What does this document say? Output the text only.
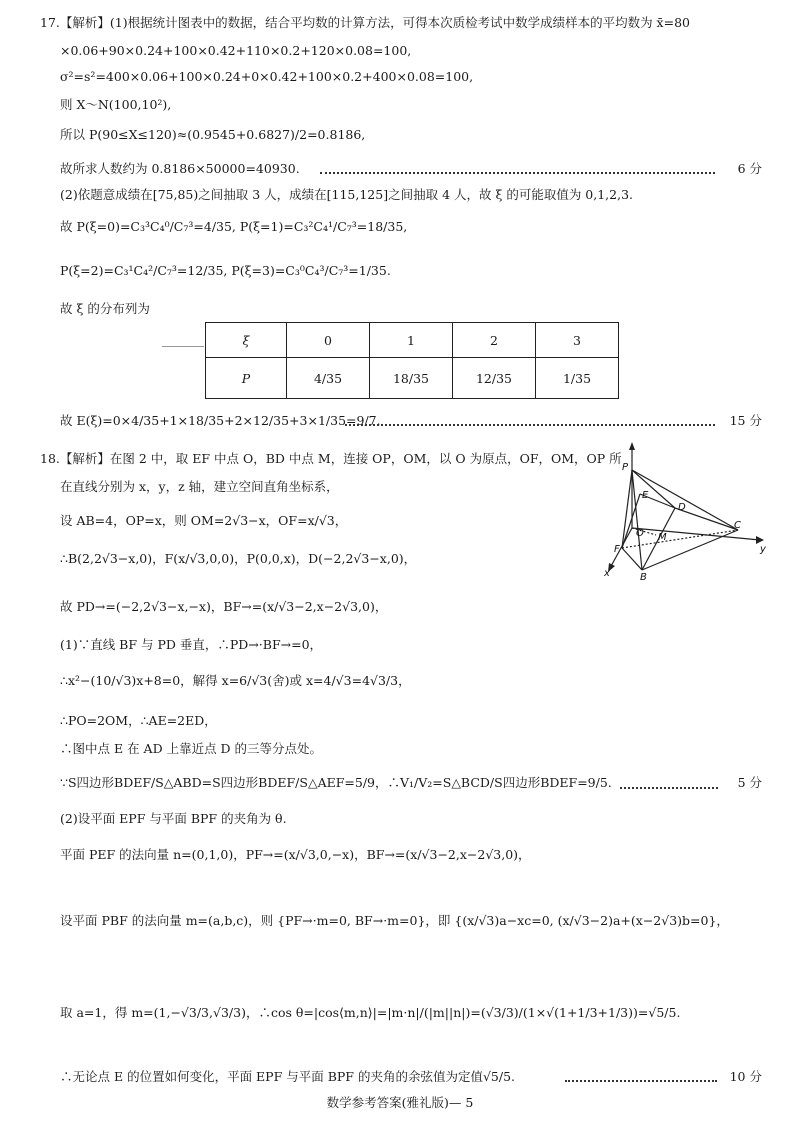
17.【解析】(1)根据统计图表中的数据，结合平均数的计算方法，可得本次质检考试中数学成绩样本的平均数为 x̄=80
×0.06+90×0.24+100×0.42+110×0.2+120×0.08=100,
σ²=s²=400×0.06+100×0.24+0×0.42+100×0.2+400×0.08=100,
则 X～N(100,10²),
所以 P(90≤X≤120)≈(0.9545+0.6827)/2=0.8186,
故所求人数约为 0.8186×50000=40930.	6 分
(2)依题意成绩在[75,85)之间抽取 3 人，成绩在[115,125]之间抽取 4 人，故 ξ 的可能取值为 0,1,2,3.
故 P(ξ=0)=C₃³C₄⁰/C₇³=4/35, P(ξ=1)=C₃²C₄¹/C₇³=18/35,
P(ξ=2)=C₃¹C₄²/C₇³=12/35, P(ξ=3)=C₃⁰C₄³/C₇³=1/35.
故 ξ 的分布列为
ξ	0	1	2	3
P	4/35	18/35	12/35	1/35
故 E(ξ)=0×4/35+1×18/35+2×12/35+3×1/35=9/7.	15 分
18.【解析】在图 2 中，取 EF 中点 O，BD 中点 M，连接 OP，OM，以 O 为原点，OF，OM，OP 所
在直线分别为 x，y，z 轴，建立空间直角坐标系，
设 AB=4，OP=x，则 OM=2√3−x，OF=x/√3，
∴B(2,2√3−x,0)，F(x/√3,0,0)，P(0,0,x)，D(−2,2√3−x,0)，
故 PD→=(−2,2√3−x,−x)，BF→=(x/√3−2,x−2√3,0)，
(1)∵直线 BF 与 PD 垂直，∴PD→·BF→=0，
∴x²−(10/√3)x+8=0，解得 x=6/√3(舍)或 x=4/√3=4√3/3，
∴PO=2OM，∴AE=2ED，
∴图中点 E 在 AD 上靠近点 D 的三等分点处。
∵S四边形BDEF/S△ABD=S四边形BDEF/S△AEF=5/9，∴V₁/V₂=S△BCD/S四边形BDEF=9/5.	5 分
(2)设平面 EPF 与平面 BPF 的夹角为 θ.
平面 PEF 的法向量 n=(0,1,0)，PF→=(x/√3,0,−x)，BF→=(x/√3−2,x−2√3,0)，
设平面 PBF 的法向量 m=(a,b,c)，则 {PF→·m=0, BF→·m=0}，即 {(x/√3)a−xc=0, (x/√3−2)a+(x−2√3)b=0}，
取 a=1，得 m=(1,−√3/3,√3/3)，∴cos θ=|cos⟨m,n⟩|=|m·n|/(|m||n|)=(√3/3)/(1×√(1+1/3+1/3))=√5/5.
∴无论点 E 的位置如何变化，平面 EPF 与平面 BPF 的夹角的余弦值为定值√5/5.	10 分
P
E
D
O M
C
F
B
x
y
数学参考答案(雅礼版)— 5
